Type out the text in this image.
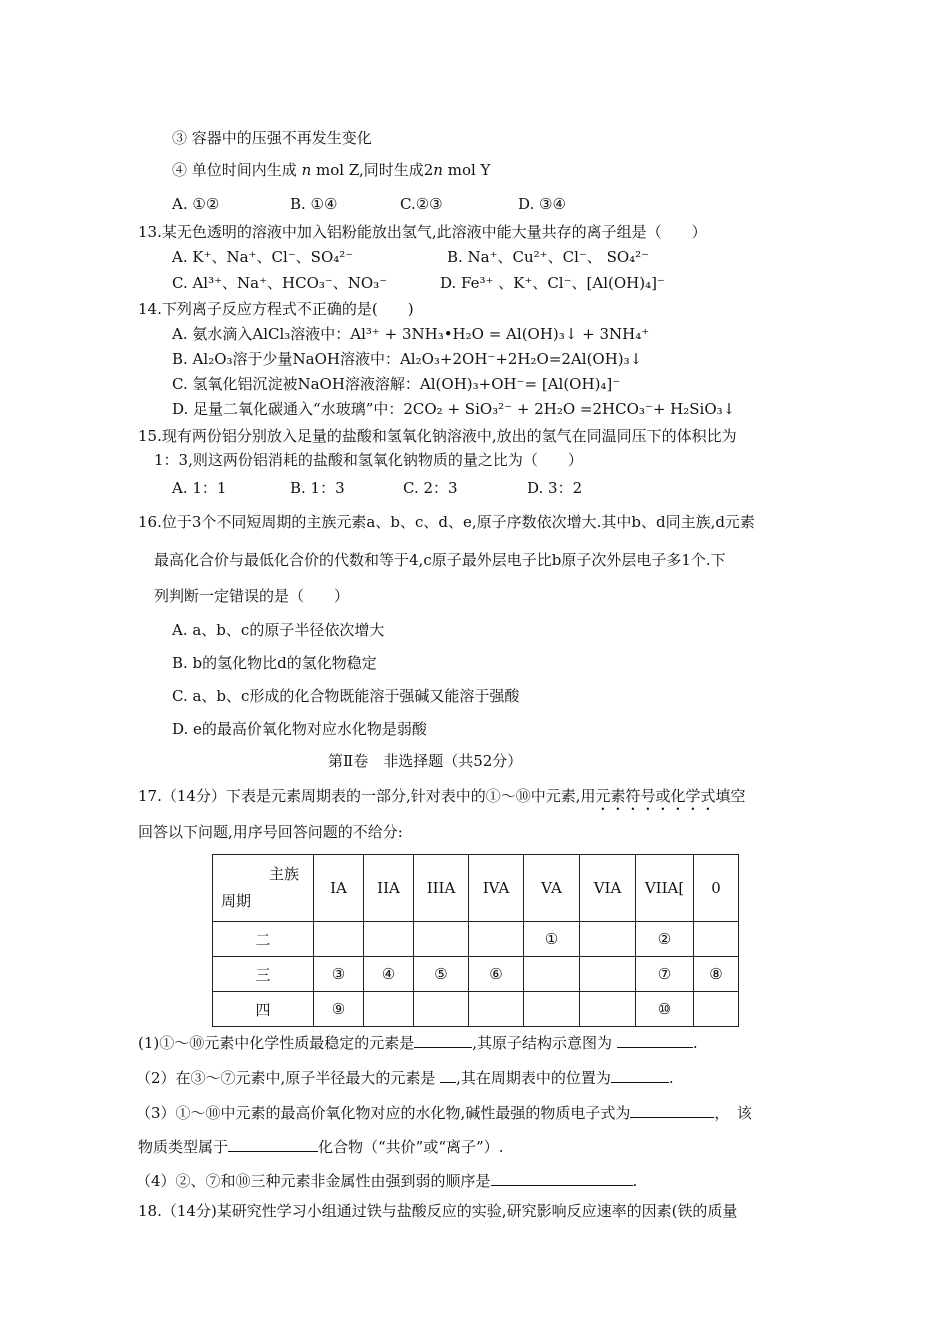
③ 容器中的压强不再发生变化
④ 单位时间内生成 n mol Z,同时生成2n mol Y
A. ①②	B. ①④	C.②③	D. ③④
13.某无色透明的溶液中加入铝粉能放出氢气,此溶液中能大量共存的离子组是（　　）
A. K⁺、Na⁺、Cl⁻、SO₄²⁻	B. Na⁺、Cu²⁺、Cl⁻、 SO₄²⁻
C. Al³⁺、Na⁺、HCO₃⁻、NO₃⁻	D. Fe³⁺ 、K⁺、Cl⁻、[Al(OH)₄]⁻
14.下列离子反应方程式不正确的是(　　)
A. 氨水滴入AlCl₃溶液中：Al³⁺ + 3NH₃•H₂O = Al(OH)₃↓ + 3NH₄⁺
B. Al₂O₃溶于少量NaOH溶液中：Al₂O₃+2OH⁻+2H₂O=2Al(OH)₃↓
C. 氢氧化铝沉淀被NaOH溶液溶解：Al(OH)₃+OH⁻= [Al(OH)₄]⁻
D. 足量二氧化碳通入“水玻璃”中：2CO₂ + SiO₃²⁻ + 2H₂O =2HCO₃⁻+ H₂SiO₃↓
15.现有两份铝分别放入足量的盐酸和氢氧化钠溶液中,放出的氢气在同温同压下的体积比为
1：3,则这两份铝消耗的盐酸和氢氧化钠物质的量之比为（　　）
A. 1：1	B. 1：3	C. 2：3	D. 3：2
16.位于3个不同短周期的主族元素a、b、c、d、e,原子序数依次增大.其中b、d同主族,d元素
最高化合价与最低化合价的代数和等于4,c原子最外层电子比b原子次外层电子多1个.下
列判断一定错误的是（　　）
A. a、b、c的原子半径依次增大
B. b的氢化物比d的氢化物稳定
C. a、b、c形成的化合物既能溶于强碱又能溶于强酸
D. e的最高价氧化物对应水化物是弱酸
第Ⅱ卷　非选择题（共52分）
17.（14分）下表是元素周期表的一部分,针对表中的①～⑩中元素,用元素符号或化学式填空
回答以下问题,用序号回答问题的不给分:
主族
周期	IA	IIA	IIIA	IVA	VA	VIA	VIIA[	0
二					①		②	
三	③	④	⑤	⑥			⑦	⑧
四	⑨						⑩	
(1)①～⑩元素中化学性质最稳定的元素是	,其原子结构示意图为	.
（2）在③～⑦元素中,原子半径最大的元素是 ,其在周期表中的位置为	.
（3）①～⑩中元素的最高价氧化物对应的水化物,碱性最强的物质电子式为	，　该
物质类型属于	化合物（“共价”或“离子”）.
（4）②、⑦和⑩三种元素非金属性由强到弱的顺序是	.
18.（14分)某研究性学习小组通过铁与盐酸反应的实验,研究影响反应速率的因素(铁的质量
